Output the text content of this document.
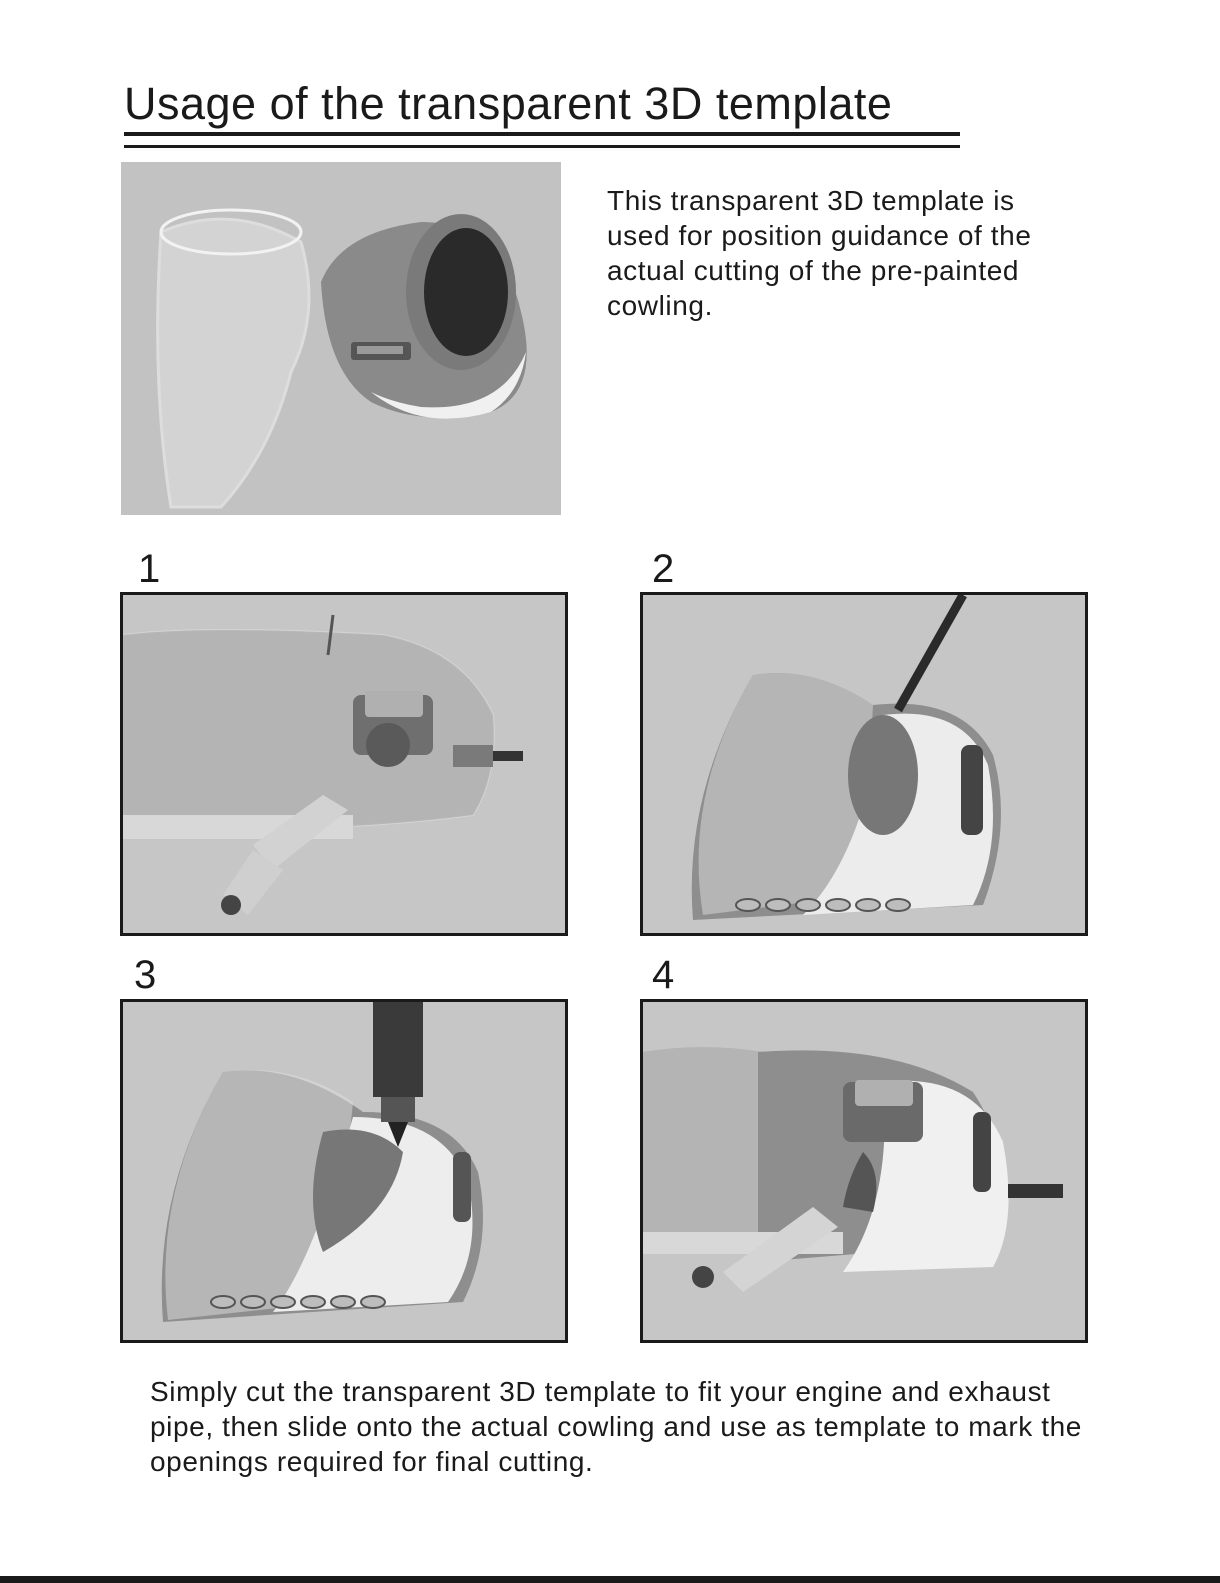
Usage of the transparent 3D template

This transparent 3D template is used for position guidance of the actual cutting of the pre-painted cowling.

1	2
3	4

Simply cut the transparent 3D template to fit your engine and exhaust pipe, then slide onto the actual cowling and use as template to mark the openings required for final cutting.
